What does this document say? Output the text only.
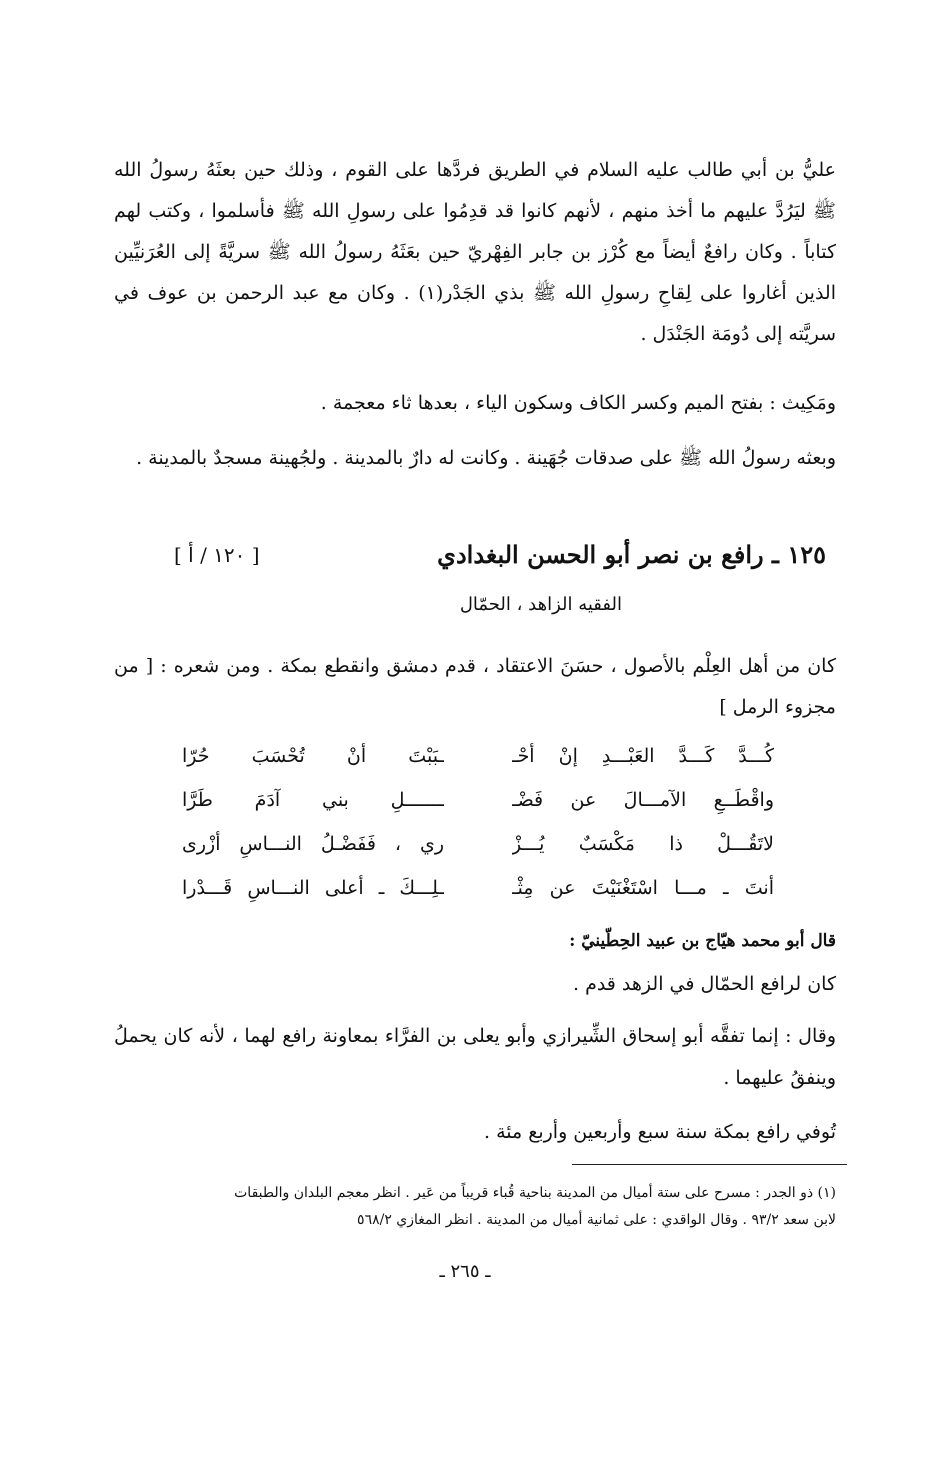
عليُّ بن أبي طالب عليه السلام في الطريق فردَّها على القوم ، وذلك حين بعثَهُ رسولُ الله ﷺ ليَرُدَّ عليهم ما أخذ منهم ، لأنهم كانوا قد قدِمُوا على رسولِ الله ﷺ فأسلموا ، وكتب لهم كتاباً . وكان رافعٌ أيضاً مع كُرْز بن جابر الفِهْريّ حين بعَثَهُ رسولُ الله ﷺ سريَّةً إلى العُرَنيِّين الذين أغاروا على لِقاحِ رسولِ الله ﷺ بذي الجَدْر(١) . وكان مع عبد الرحمن بن عوف في سريَّته إلى دُومَة الجَنْدَل .

ومَكِيث : بفتح الميم وكسر الكاف وسكون الياء ، بعدها ثاء معجمة .

وبعثه رسولُ الله ﷺ على صدقات جُهَينة . وكانت له دارٌ بالمدينة . ولجُهينة مسجدٌ بالمدينة .

١٢٥ ـ رافع بن نصر أبو الحسن البغدادي
[ ١٢٠ / أ ]
الفقيه الزاهد ، الحمّال

كان من أهل العِلْم بالأصول ، حسَنَ الاعتقاد ، قدم دمشق وانقطع بمكة . ومن شعره : [ من مجزوء الرمل ]

كُـــدَّ كَـــدَّ العَبْـــدِ إنْ أحْـ
ـبَبْتَ أنْ تُحْسَبَ حُرّا
واقْطَــعِ الآمـــالَ عن فَضْـ
ـــــــلِ بني آدَمَ طَرَّا
لاتَقُـــلْ ذا مَكْسَبٌ يُـــزْ
ري ، فَفَضْـلُ النـــاسِ أزْرى
أنتَ ـ مـــا اسْتَغْنَيْتَ عن مِثْـ
ـلِـــكَ ـ أعلى النـــاسِ قَـــدْرا

قال أبو محمد هيّاج بن عبيد الحِطّينيّ :

كان لرافع الحمّال في الزهد قدم .

وقال : إنما تفقَّه أبو إسحاق الشِّيرازي وأبو يعلى بن الفرَّاء بمعاونة رافع لهما ، لأنه كان يحملُ وينفقُ عليهما .

تُوفي رافع بمكة سنة سبع وأربعين وأربع مئة .

(١) ذو الجدر : مسرح على ستة أميال من المدينة بناحية قُباء قريباً من عَير . انظر معجم البلدان والطبقات
لابن سعد ٩٣/٢ . وقال الواقدي : على ثمانية أميال من المدينة . انظر المغازي ٥٦٨/٢

ـ ٢٦٥ ـ
